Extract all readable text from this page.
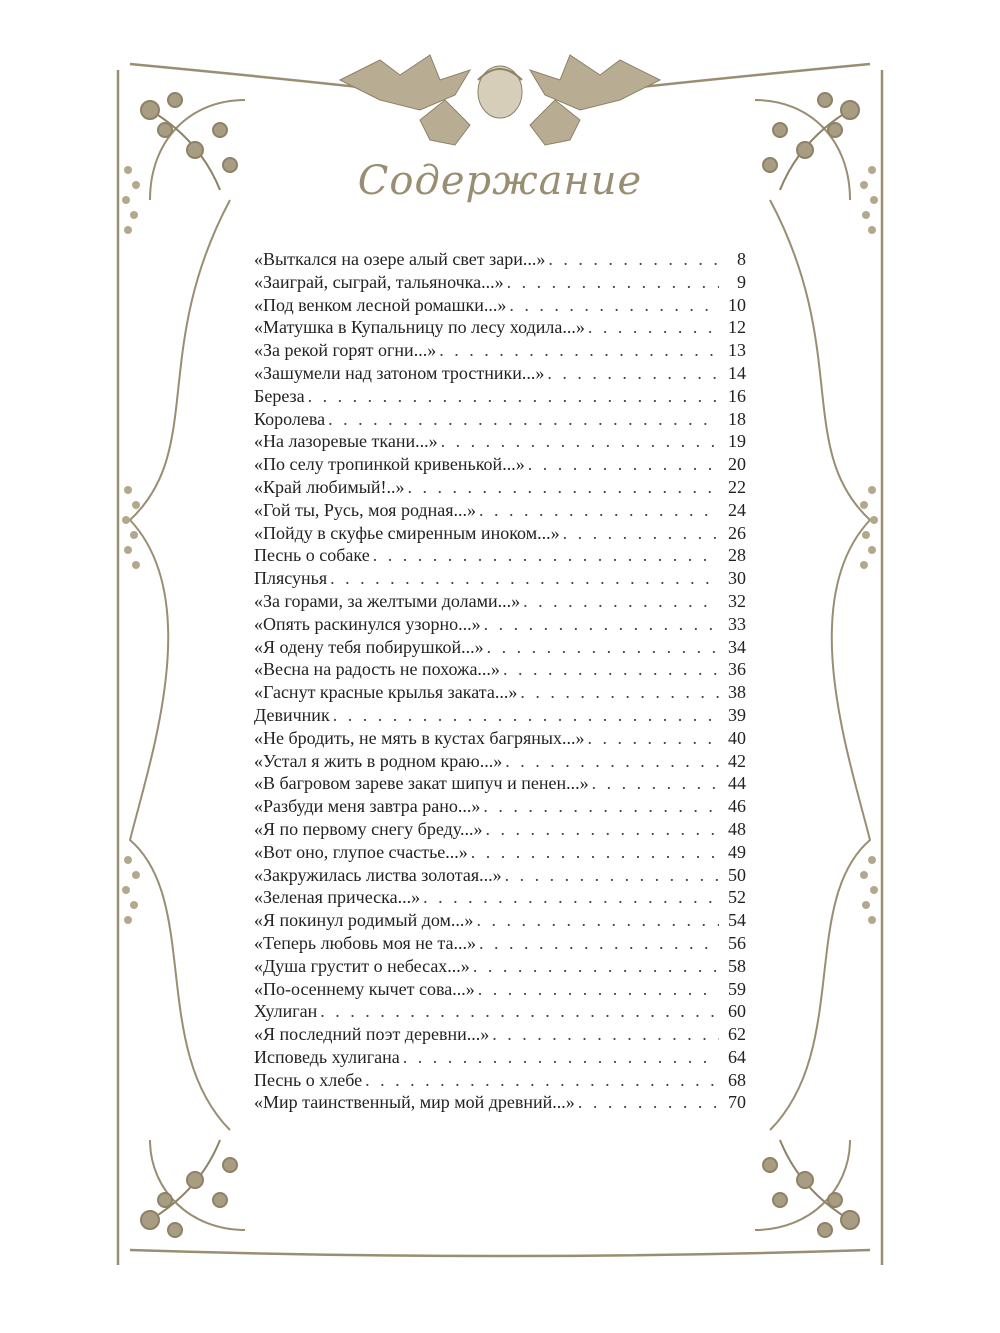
Содержание
«Выткался на озере алый свет зари...» . . .	8
«Заиграй, сыграй, тальяночка...» . . .	9
«Под венком лесной ромашки...» . . .	10
«Матушка в Купальницу по лесу ходила...» . . .	12
«За рекой горят огни...» . . .	13
«Зашумели над затоном тростники...» . . .	14
Береза . . .	16
Королева . . .	18
«На лазоревые ткани...» . . .	19
«По селу тропинкой кривенькой...» . . .	20
«Край любимый!..» . . .	22
«Гой ты, Русь, моя родная...» . . .	24
«Пойду в скуфье смиренным иноком...» . . .	26
Песнь о собаке . . .	28
Плясунья . . .	30
«За горами, за желтыми долами...» . . .	32
«Опять раскинулся узорно...» . . .	33
«Я одену тебя побирушкой...» . . .	34
«Весна на радость не похожа...» . . .	36
«Гаснут красные крылья заката...» . . .	38
Девичник . . .	39
«Не бродить, не мять в кустах багряных...» . . .	40
«Устал я жить в родном краю...» . . .	42
«В багровом зареве закат шипуч и пенен...» . . .	44
«Разбуди меня завтра рано...» . . .	46
«Я по первому снегу бреду...» . . .	48
«Вот оно, глупое счастье...» . . .	49
«Закружилась листва золотая...» . . .	50
«Зеленая прическа...» . . .	52
«Я покинул родимый дом...» . . .	54
«Теперь любовь моя не та...» . . .	56
«Душа грустит о небесах...» . . .	58
«По-осеннему кычет сова...» . . .	59
Хулиган . . .	60
«Я последний поэт деревни...» . . .	62
Исповедь хулигана . . .	64
Песнь о хлебе . . .	68
«Мир таинственный, мир мой древний...» . . .	70
